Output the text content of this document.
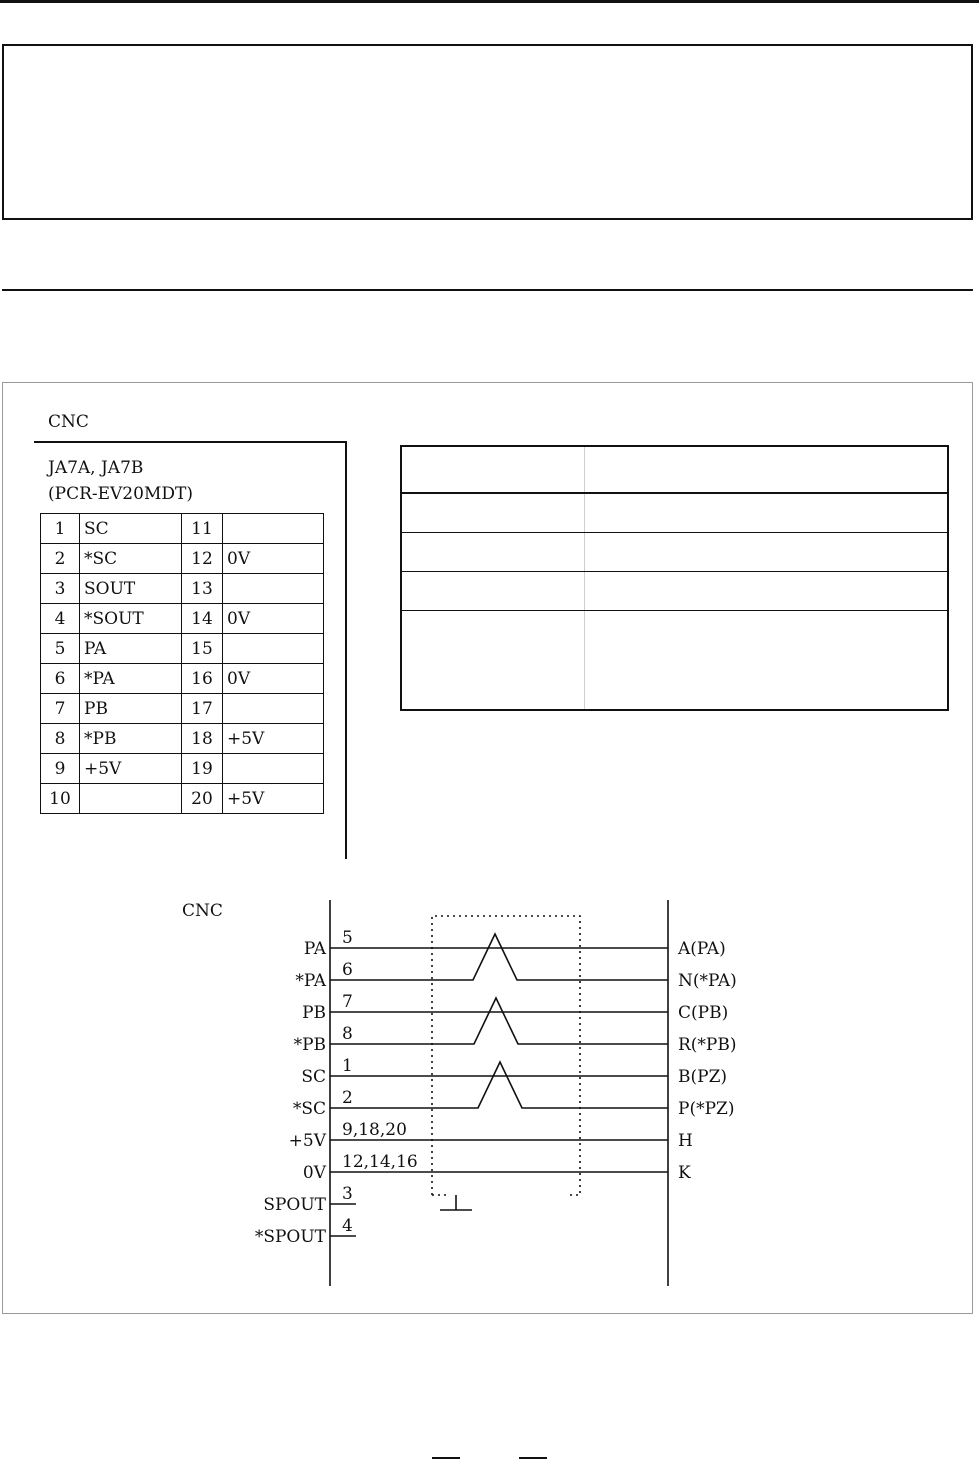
CNC
JA7A, JA7B
(PCR-EV20MDT)
1	SC	11	
2	*SC	12	0V
3	SOUT	13	
4	*SOUT	14	0V
5	PA	15	
6	*PA	16	0V
7	PB	17	
8	*PB	18	+5V
9	+5V	19	
10		20	+5V
CNC
PA
5
A(PA)
*PA
6
N(*PA)
PB
7
C(PB)
*PB
8
R(*PB)
SC
1
B(PZ)
*SC
2
P(*PZ)
+5V
9,18,20
H
0V
12,14,16
K
SPOUT
3
*SPOUT
4
